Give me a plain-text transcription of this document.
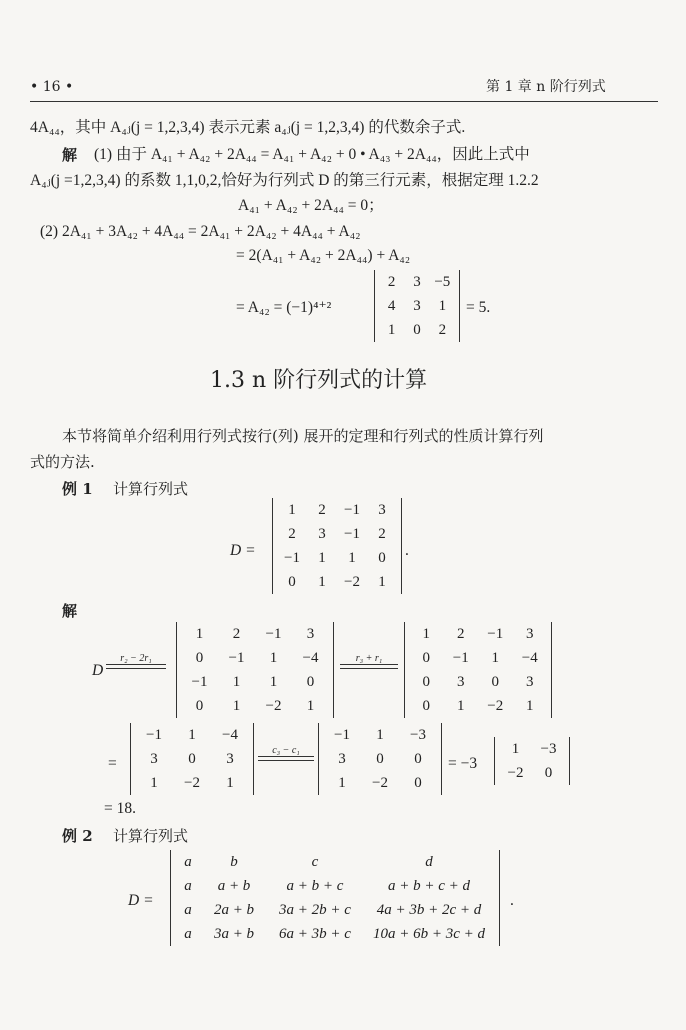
• 16 •	第 1 章 n 阶行列式
4A₄₄，其中 A₄ⱼ(j = 1,2,3,4) 表示元素 a₄ⱼ(j = 1,2,3,4) 的代数余子式.
解 (1) 由于 A₄₁ + A₄₂ + 2A₄₄ = A₄₁ + A₄₂ + 0 • A₄₃ + 2A₄₄，因此上式中
A₄ⱼ(j =1,2,3,4) 的系数 1,1,0,2,恰好为行列式 D 的第三行元素，根据定理 1.2.2
A₄₁ + A₄₂ + 2A₄₄ = 0；
(2) 2A₄₁ + 3A₄₂ + 4A₄₄ = 2A₄₁ + 2A₄₂ + 4A₄₄ + A₄₂
= 2(A₄₁ + A₄₂ + 2A₄₄) + A₄₂
= A₄₂ = (−1)⁴⁺²
2	3 −5
4	3	1
1	0	2
= 5.
1.3 n 阶行列式的计算
本节将简单介绍利用行列式按行(列) 展开的定理和行列式的性质计算行列
式的方法.
例 1 计算行列式
D =
1	2	−1	3
2	3	−1	2
−1	1	1	0
0	1	−2	1
.
解
D
r₂ − 2r₁
1	2	−1	3
0	−1	1	−4
−1	1	1	0
0	1	−2	1
r₃ + r₁
1	2	−1	3
0	−1	1	−4
0	3	0	3
0	1	−2	1
=
−1	1	−4
3	0	3
1	−2	1
c₃ − c₁
−1	1	−3
3	0	0
1	−2	0
= −3
1	−3
−2	0
= 18.
例 2 计算行列式
D =
a	b	c	d
a	a + b	a + b + c	a + b + c + d
a	2a + b	3a + 2b + c	4a + 3b + 2c + d
a	3a + b	6a + 3b + c	10a + 6b + 3c + d
.
